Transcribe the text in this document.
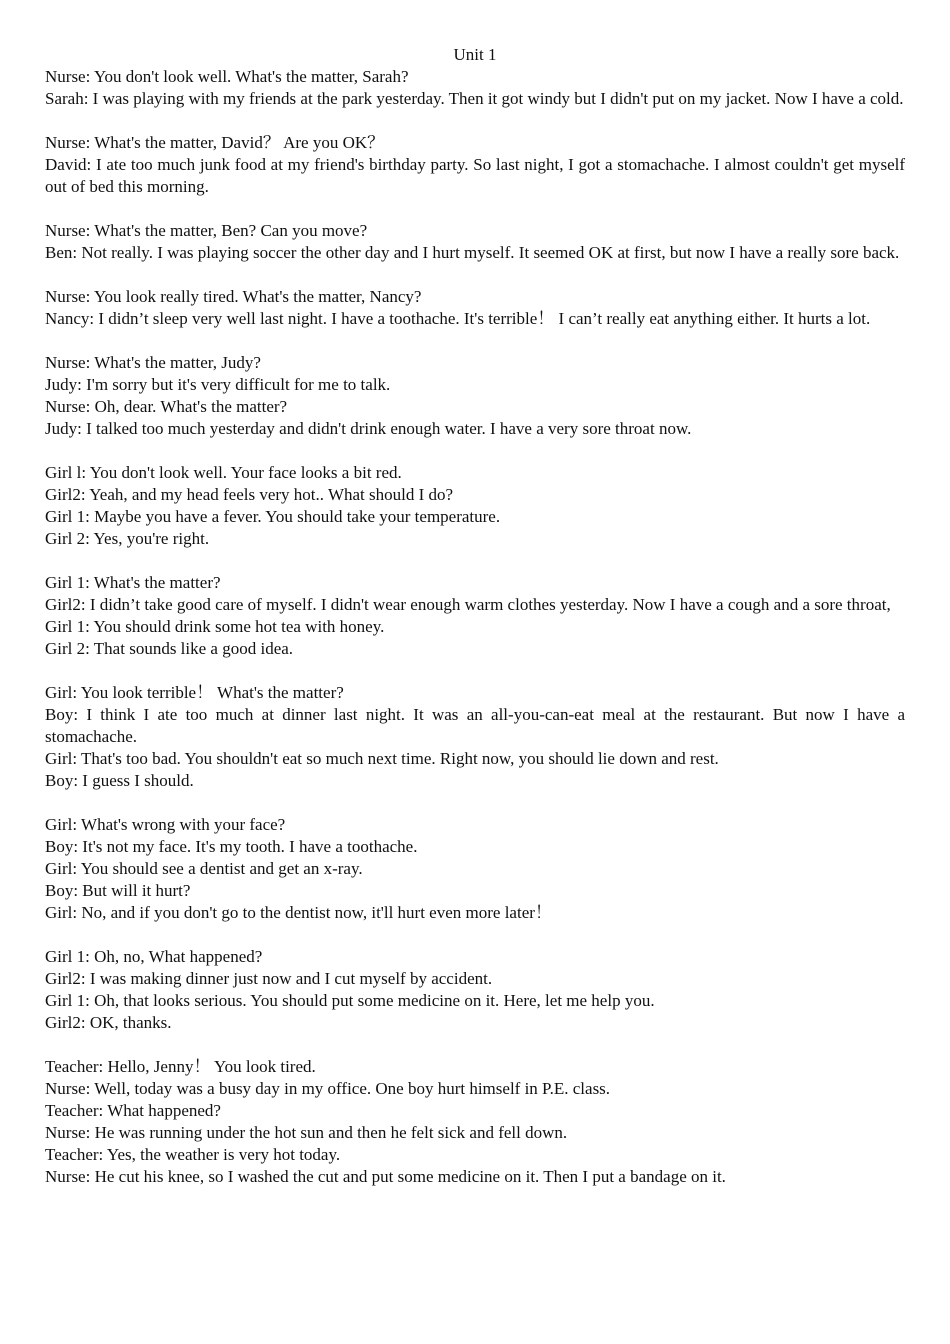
Unit 1
Nurse: You don't look well. What's the matter, Sarah?
Sarah: I was playing with my friends at the park yesterday. Then it got windy but I didn't put on my jacket. Now I have a cold.
Nurse: What's the matter, David？ Are you OK？
David: I ate too much junk food at my friend's birthday party. So last night, I got a stomachache. I almost couldn't get myself out of bed this morning.
Nurse: What's the matter, Ben? Can you move?
Ben: Not really. I was playing soccer the other day and I hurt myself. It seemed OK at first, but now I have a really sore back.
Nurse: You look really tired. What's the matter, Nancy?
Nancy: I didn’t sleep very well last night. I have a toothache. It's terrible！ I can’t really eat anything either. It hurts a lot.
Nurse: What's the matter, Judy?
Judy: I'm sorry but it's very difficult for me to talk.
Nurse: Oh, dear. What's the matter?
Judy: I talked too much yesterday and didn't drink enough water. I have a very sore throat now.
Girl l: You don't look well. Your face looks a bit red.
Girl2: Yeah, and my head feels very hot.. What should I do?
Girl 1: Maybe you have a fever. You should take your temperature.
Girl 2: Yes, you're right.
Girl 1: What's the matter?
Girl2: I didn’t take good care of myself. I didn't wear enough warm clothes yesterday. Now I have a cough and a sore throat,
Girl 1: You should drink some hot tea with honey.
Girl 2: That sounds like a good idea.
Girl: You look terrible！ What's the matter?
Boy: I think I ate too much at dinner last night. It was an all-you-can-eat meal at the restaurant. But now I have a stomachache.
Girl: That's too bad. You shouldn't eat so much next time. Right now, you should lie down and rest.
Boy: I guess I should.
Girl: What's wrong with your face?
Boy: It's not my face. It's my tooth. I have a toothache.
Girl: You should see a dentist and get an x-ray.
Boy: But will it hurt?
Girl: No, and if you don't go to the dentist now, it'll hurt even more later！
Girl 1: Oh, no, What happened?
Girl2: I was making dinner just now and I cut myself by accident.
Girl 1: Oh, that looks serious. You should put some medicine on it. Here, let me help you.
Girl2: OK, thanks.
Teacher: Hello, Jenny！ You look tired.
Nurse: Well, today was a busy day in my office. One boy hurt himself in P.E. class.
Teacher: What happened?
Nurse: He was running under the hot sun and then he felt sick and fell down.
Teacher: Yes, the weather is very hot today.
Nurse: He cut his knee, so I washed the cut and put some medicine on it. Then I put a bandage on it.
